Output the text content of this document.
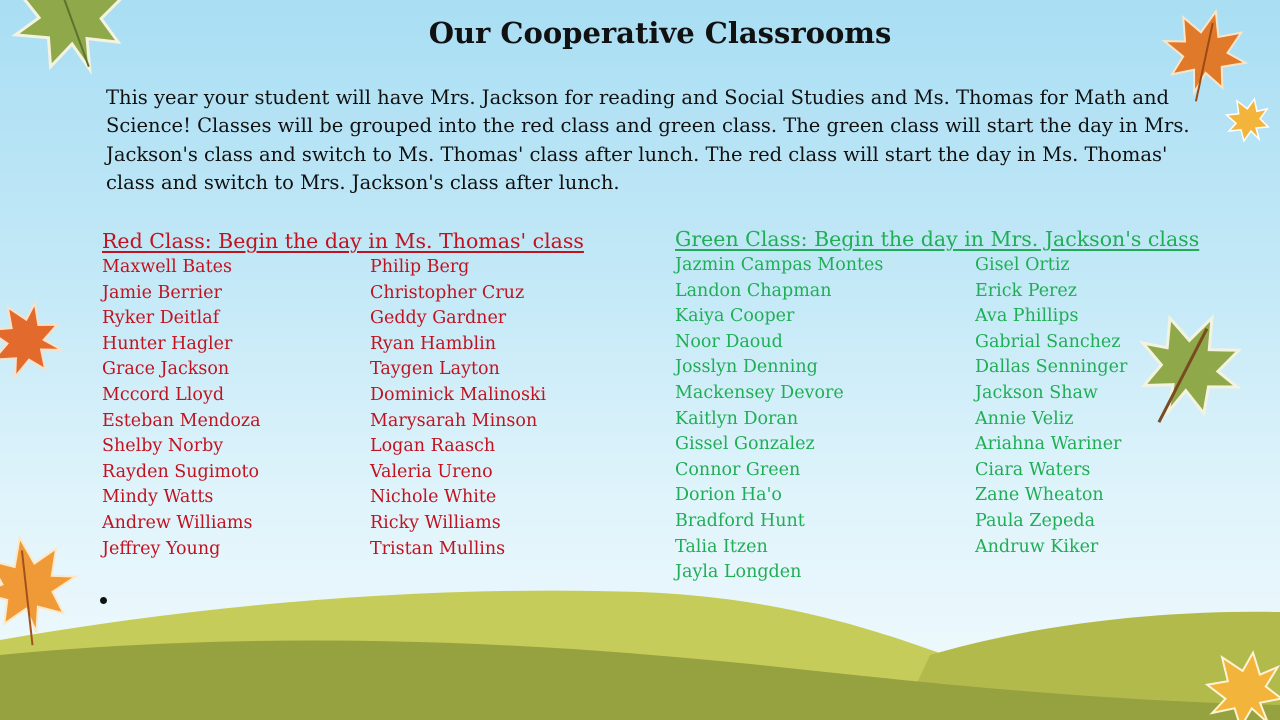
Our Cooperative Classrooms
This year your student will have Mrs. Jackson for reading and Social Studies and Ms. Thomas for Math and Science! Classes will be grouped into the red class and green class. The green class will start the day in Mrs. Jackson's class and switch to Ms. Thomas' class after lunch. The red class will start the day in Ms. Thomas' class and switch to Mrs. Jackson's class after lunch.
Red Class: Begin the day in Ms. Thomas' class
Maxwell Bates	Philip Berg
Jamie Berrier	Christopher Cruz
Ryker Deitlaf	Geddy Gardner
Hunter Hagler	Ryan Hamblin
Grace Jackson	Taygen Layton
Mccord Lloyd	Dominick Malinoski
Esteban Mendoza	Marysarah Minson
Shelby Norby	Logan Raasch
Rayden Sugimoto	Valeria Ureno
Mindy Watts	Nichole White
Andrew Williams	Ricky Williams
Jeffrey Young	Tristan Mullins
Green Class: Begin the day in Mrs. Jackson's class
Jazmin Campas Montes	Gisel Ortiz
Landon Chapman	Erick Perez
Kaiya Cooper	Ava Phillips
Noor Daoud	Gabrial Sanchez
Josslyn Denning	Dallas Senninger
Mackensey Devore	Jackson Shaw
Kaitlyn Doran	Annie Veliz
Gissel Gonzalez	Ariahna Wariner
Connor Green	Ciara Waters
Dorion Ha'o	Zane Wheaton
Bradford Hunt	Paula Zepeda
Talia Itzen	Andruw Kiker
Jayla Longden
